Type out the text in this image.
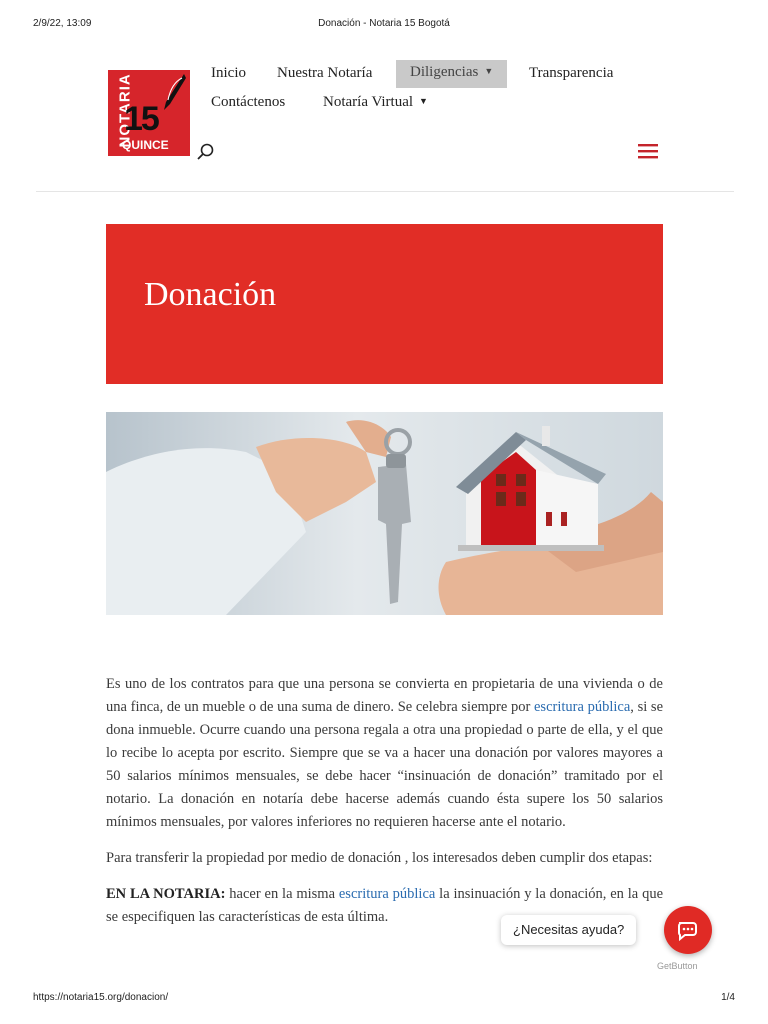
2/9/22, 13:09	Donación - Notaria 15 Bogotá
NOTARIA
15
QUINCE
Inicio Nuestra Notaría	Diligencias ▼	Transparencia
Contáctenos	Notaría Virtual ▼
Donación

Es uno de los contratos para que una persona se convierta en propietaria de una vivienda o de una finca, de un mueble o de una suma de dinero. Se celebra siempre por escritura pública, si se dona inmueble. Ocurre cuando una persona regala a otra una propiedad o parte de ella, y el que lo recibe lo acepta por escrito. Siempre que se va a hacer una donación por valores mayores a 50 salarios mínimos mensuales, se debe hacer “insinuación de donación” tramitado por el notario. La donación en notaría debe hacerse además cuando ésta supere los 50 salarios mínimos mensuales, por valores inferiores no requieren hacerse ante el notario.

Para transferir la propiedad por medio de donación , los interesados deben cumplir dos etapas:

EN LA NOTARIA: hacer en la misma escritura pública la insinuación y la donación, en la que se especifiquen las características de esta última.

¿Necesitas ayuda?
GetButton
https://notaria15.org/donacion/	1/4
